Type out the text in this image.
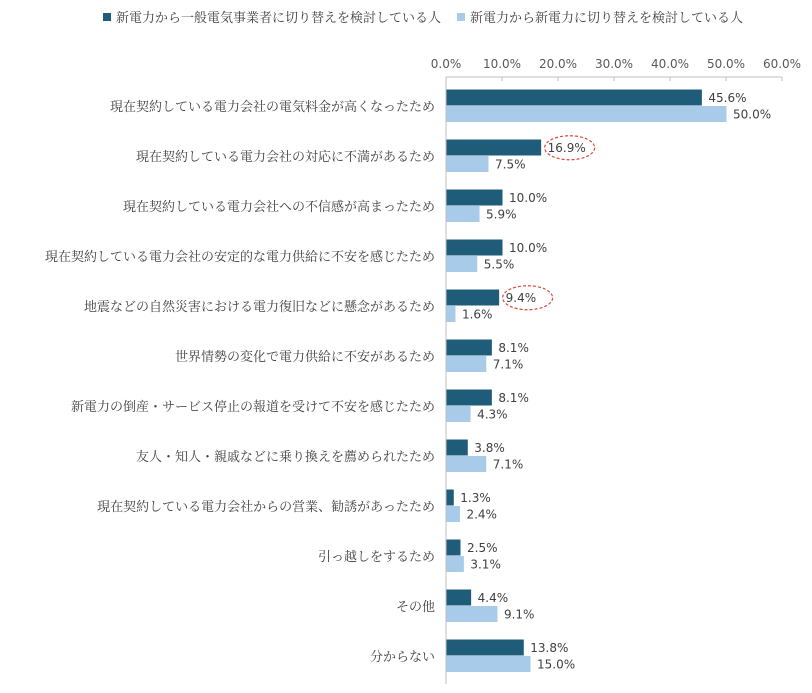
新電力から一般電気事業者に切り替えを検討している人 新電力から新電力に切り替えを検討している人
0.0% 10.0% 20.0% 30.0% 40.0% 50.0% 60.0%
45.6%
50.0%
16.9%
7.5%
10.0%
5.9%
10.0%
5.5%
9.4%
1.6%
8.1%
7.1%
8.1%
4.3%
3.8%
7.1%
1.3%
2.4%
2.5%
3.1%
4.4%
9.1%
13.8%
15.0%
現在契約している電力会社の電気料金が高くなったため
現在契約している電力会社の対応に不満があるため
現在契約している電力会社への不信感が高まったため
現在契約している電力会社の安定的な電力供給に不安を感じたため
地震などの自然災害における電力復旧などに懸念があるため
世界情勢の変化で電力供給に不安があるため
新電力の倒産・サービス停止の報道を受けて不安を感じたため
友人・知人・親戚などに乗り換えを薦められたため
現在契約している電力会社からの営業、勧誘があったため
引っ越しをするため
その他
分からない
